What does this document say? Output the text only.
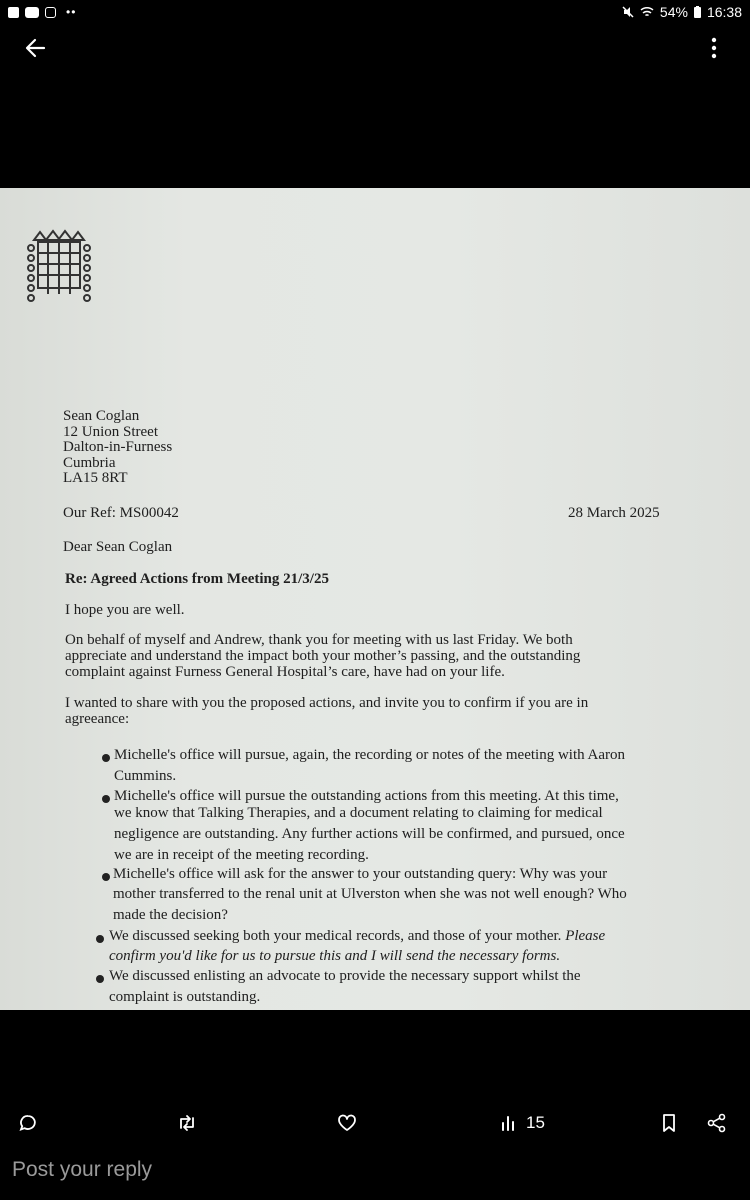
••	54% 16:38
Sean Coglan
12 Union Street
Dalton-in-Furness
Cumbria
LA15 8RT
Our Ref: MS00042	28 March 2025
Dear Sean Coglan
Re: Agreed Actions from Meeting 21/3/25
I hope you are well.
On behalf of myself and Andrew, thank you for meeting with us last Friday. We both
appreciate and understand the impact both your mother’s passing, and the outstanding
complaint against Furness General Hospital’s care, have had on your life.
I wanted to share with you the proposed actions, and invite you to confirm if you are in
agreeance:
Michelle's office will pursue, again, the recording or notes of the meeting with Aaron
Cummins.
Michelle's office will pursue the outstanding actions from this meeting. At this time,
we know that Talking Therapies, and a document relating to claiming for medical
negligence are outstanding. Any further actions will be confirmed, and pursued, once
we are in receipt of the meeting recording.
Michelle's office will ask for the answer to your outstanding query: Why was your
mother transferred to the renal unit at Ulverston when she was not well enough? Who
made the decision?
We discussed seeking both your medical records, and those of your mother. Please
confirm you'd like for us to pursue this and I will send the necessary forms.
We discussed enlisting an advocate to provide the necessary support whilst the
complaint is outstanding.
15
Post your reply
